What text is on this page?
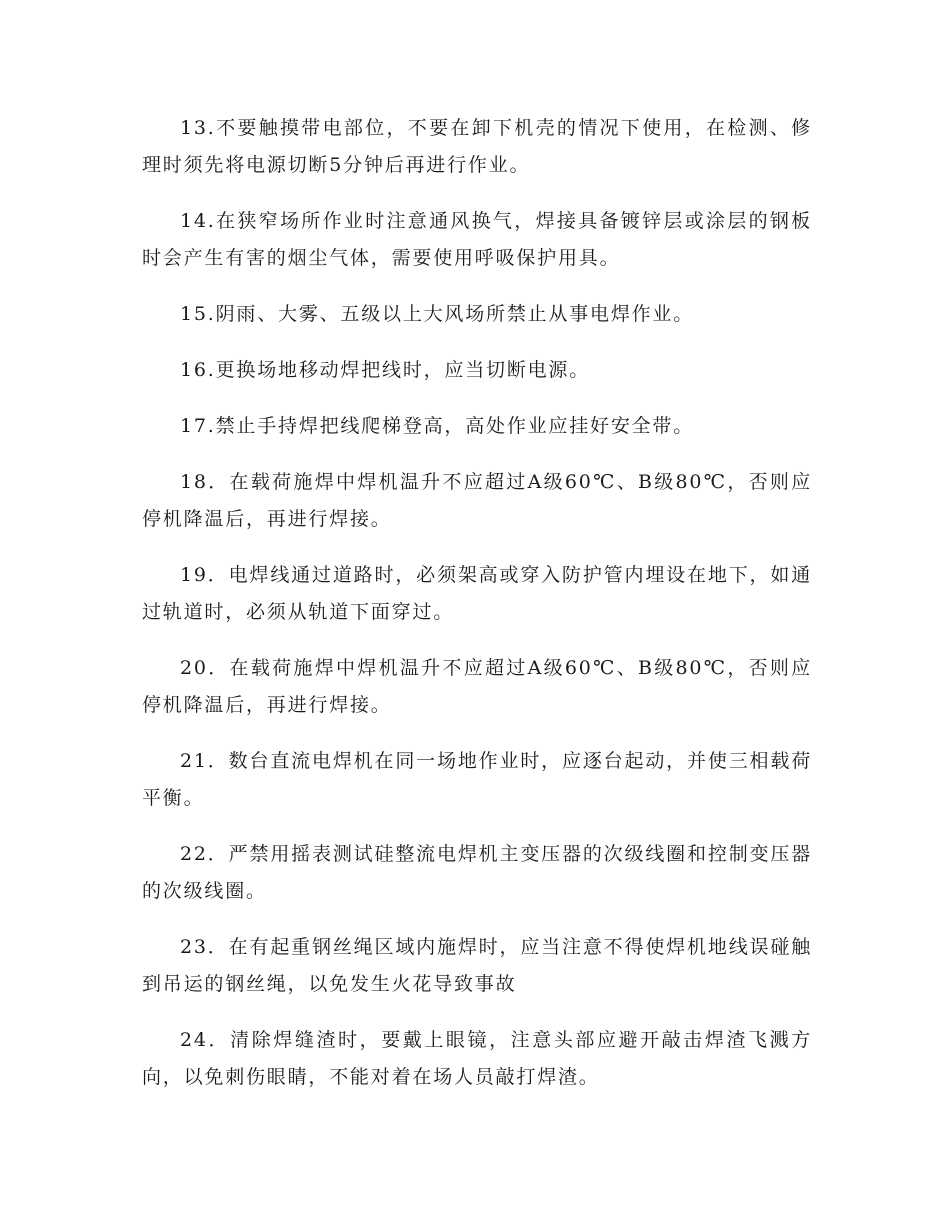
13.不要触摸带电部位，不要在卸下机壳的情况下使用，在检测、修理时须先将电源切断5分钟后再进行作业。

14.在狭窄场所作业时注意通风换气，焊接具备镀锌层或涂层的钢板时会产生有害的烟尘气体，需要使用呼吸保护用具。

15.阴雨、大雾、五级以上大风场所禁止从事电焊作业。

16.更换场地移动焊把线时，应当切断电源。

17.禁止手持焊把线爬梯登高，高处作业应挂好安全带。

18．在载荷施焊中焊机温升不应超过A级60℃、B级80℃，否则应停机降温后，再进行焊接。

19．电焊线通过道路时，必须架高或穿入防护管内埋设在地下，如通过轨道时，必须从轨道下面穿过。

20．在载荷施焊中焊机温升不应超过A级60℃、B级80℃，否则应停机降温后，再进行焊接。

21．数台直流电焊机在同一场地作业时，应逐台起动，并使三相载荷平衡。

22．严禁用摇表测试硅整流电焊机主变压器的次级线圈和控制变压器的次级线圈。

23．在有起重钢丝绳区域内施焊时，应当注意不得使焊机地线误碰触到吊运的钢丝绳，以免发生火花导致事故

24．清除焊缝渣时，要戴上眼镜，注意头部应避开敲击焊渣飞溅方向，以免刺伤眼睛，不能对着在场人员敲打焊渣。
